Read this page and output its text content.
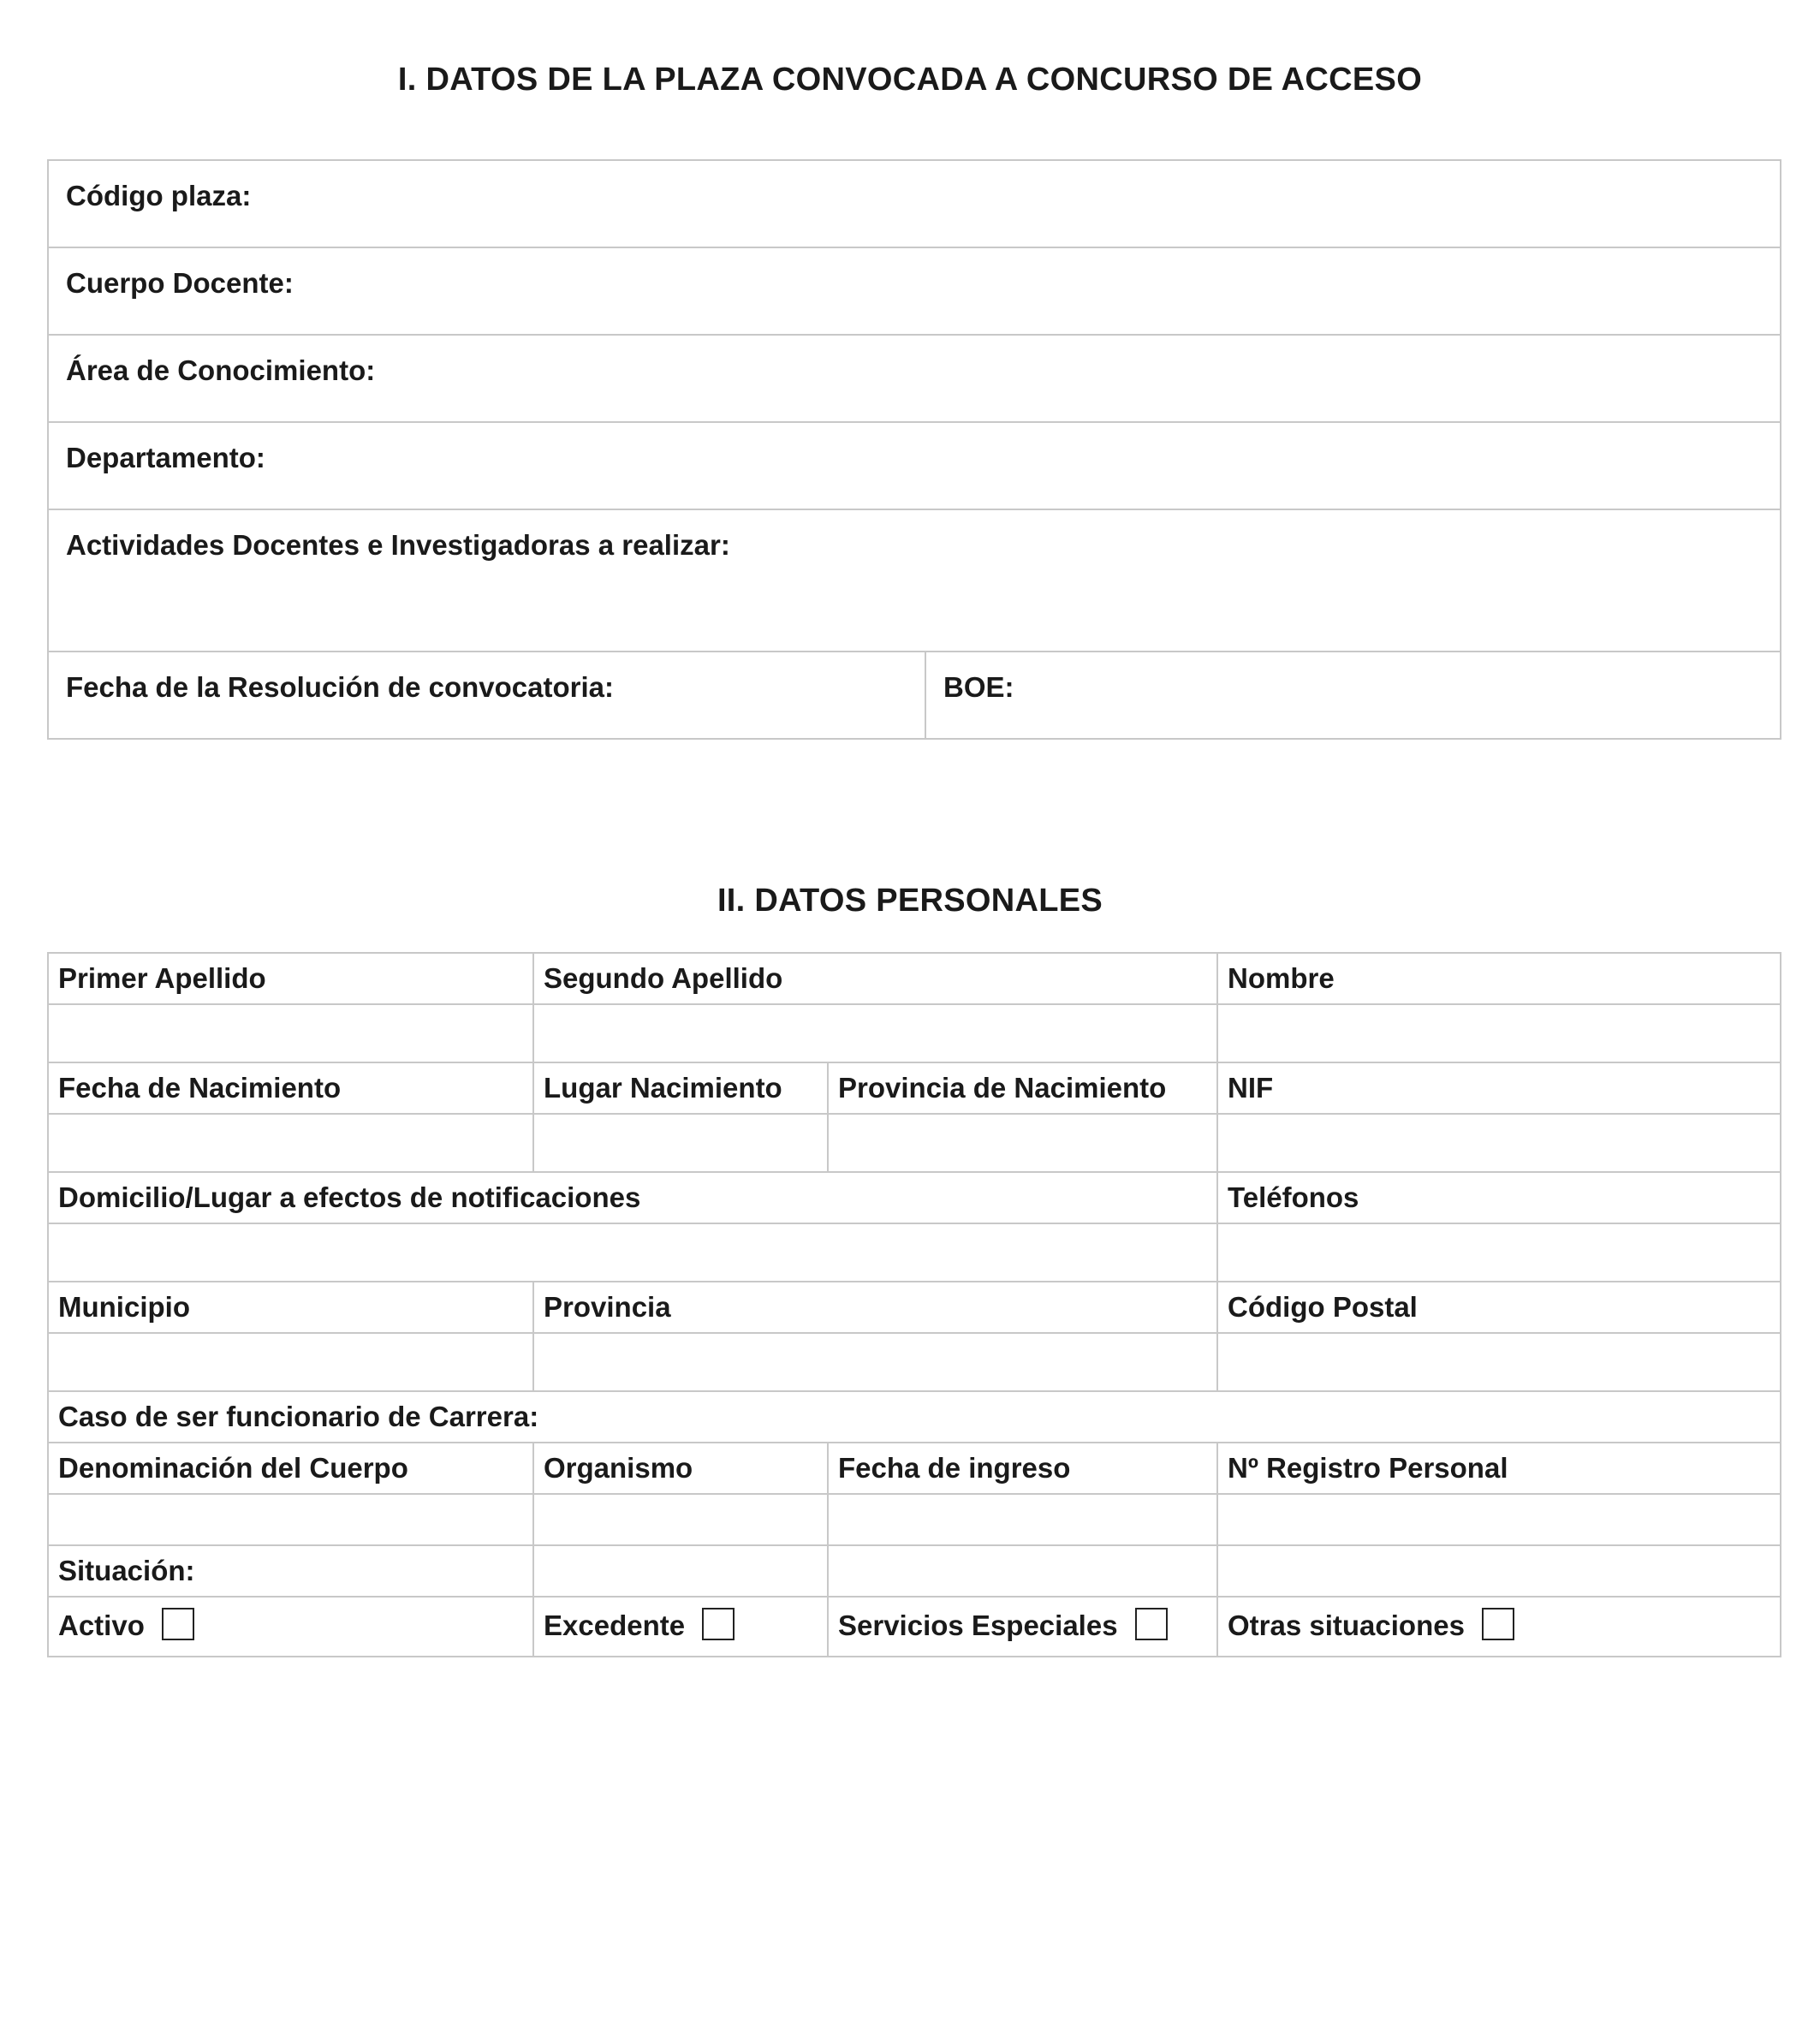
I. DATOS DE LA PLAZA CONVOCADA A CONCURSO DE ACCESO
Código plaza:
Cuerpo Docente:
Área de Conocimiento:
Departamento:
Actividades Docentes e Investigadoras a realizar:
Fecha de la Resolución de convocatoria:	BOE:
II. DATOS PERSONALES
Primer Apellido	Segundo Apellido		Nombre

Fecha de Nacimiento	Lugar Nacimiento	Provincia de Nacimiento	NIF

Domicilio/Lugar a efectos de notificaciones			Teléfonos

Municipio	Provincia		Código Postal

Caso de ser funcionario de Carrera:			
Denominación del Cuerpo	Organismo	Fecha de ingreso	Nº Registro Personal

Situación:			
Activo	Excedente	Servicios Especiales	Otras situaciones
